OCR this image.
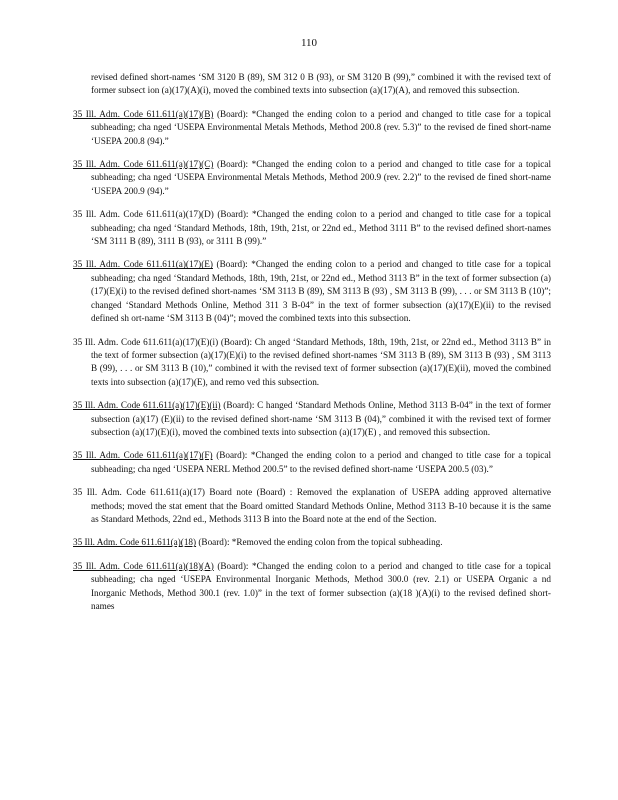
110

revised defined short-names ‘SM 3120 B (89), SM 312 0 B (93), or SM 3120 B (99),” combined it with the revised text of former subsect ion (a)(17)(A)(i), moved the combined texts into subsection (a)(17)(A), and removed this subsection.

35 Ill. Adm. Code 611.611(a)(17)(B) (Board): *Changed the ending colon to a period and changed to title case for a topical subheading; cha nged ‘USEPA Environmental Metals Methods, Method 200.8 (rev. 5.3)” to the revised de fined short-name ‘USEPA 200.8 (94).”

35 Ill. Adm. Code 611.611(a)(17)(C) (Board): *Changed the ending colon to a period and changed to title case for a topical subheading; cha nged ‘USEPA Environmental Metals Methods, Method 200.9 (rev. 2.2)” to the revised de fined short-name ‘USEPA 200.9 (94).”

35 Ill. Adm. Code 611.611(a)(17)(D) (Board): *Changed the ending colon to a period and changed to title case for a topical subheading; cha nged ‘Standard Methods, 18th, 19th, 21st, or 22nd ed., Method 3111 B” to the revised defined short-names ‘SM 3111 B (89), 3111 B (93), or 3111 B (99).”

35 Ill. Adm. Code 611.611(a)(17)(E) (Board): *Changed the ending colon to a period and changed to title case for a topical subheading; cha nged ‘Standard Methods, 18th, 19th, 21st, or 22nd ed., Method 3113 B” in the text of former subsection (a)(17)(E)(i) to the revised defined short-names ‘SM 3113 B (89), SM 3113 B (93) , SM 3113 B (99), . . . or SM 3113 B (10)”; changed ‘Standard Methods Online, Method 311 3 B-04” in the text of former subsection (a)(17)(E)(ii) to the revised defined sh ort-name ‘SM 3113 B (04)”; moved the combined texts into this subsection.

35 Ill. Adm. Code 611.611(a)(17)(E)(i) (Board): Ch anged ‘Standard Methods, 18th, 19th, 21st, or 22nd ed., Method 3113 B” in the text of former subsection (a)(17)(E)(i) to the revised defined short-names ‘SM 3113 B (89), SM 3113 B (93) , SM 3113 B (99), . . . or SM 3113 B (10),” combined it with the revised text of former subsection (a)(17)(E)(ii), moved the combined texts into subsection (a)(17)(E), and remo ved this subsection.

35 Ill. Adm. Code 611.611(a)(17)(E)(ii) (Board): C hanged ‘Standard Methods Online, Method 3113 B-04” in the text of former subsection (a)(17) (E)(ii) to the revised defined short-name ‘SM 3113 B (04),” combined it with the revised text of former subsection (a)(17)(E)(i), moved the combined texts into subsection (a)(17)(E) , and removed this subsection.

35 Ill. Adm. Code 611.611(a)(17)(F) (Board): *Changed the ending colon to a period and changed to title case for a topical subheading; cha nged ‘USEPA NERL Method 200.5” to the revised defined short-name ‘USEPA 200.5 (03).”

35 Ill. Adm. Code 611.611(a)(17) Board note (Board) : Removed the explanation of USEPA adding approved alternative methods; moved the stat ement that the Board omitted Standard Methods Online, Method 3113 B-10 because it is the same as Standard Methods, 22nd ed., Methods 3113 B into the Board note at the end of the Section.

35 Ill. Adm. Code 611.611(a)(18) (Board): *Removed the ending colon from the topical subheading.

35 Ill. Adm. Code 611.611(a)(18)(A) (Board): *Changed the ending colon to a period and changed to title case for a topical subheading; cha nged ‘USEPA Environmental Inorganic Methods, Method 300.0 (rev. 2.1) or USEPA Organic a nd Inorganic Methods, Method 300.1 (rev. 1.0)” in the text of former subsection (a)(18 )(A)(i) to the revised defined short-names
